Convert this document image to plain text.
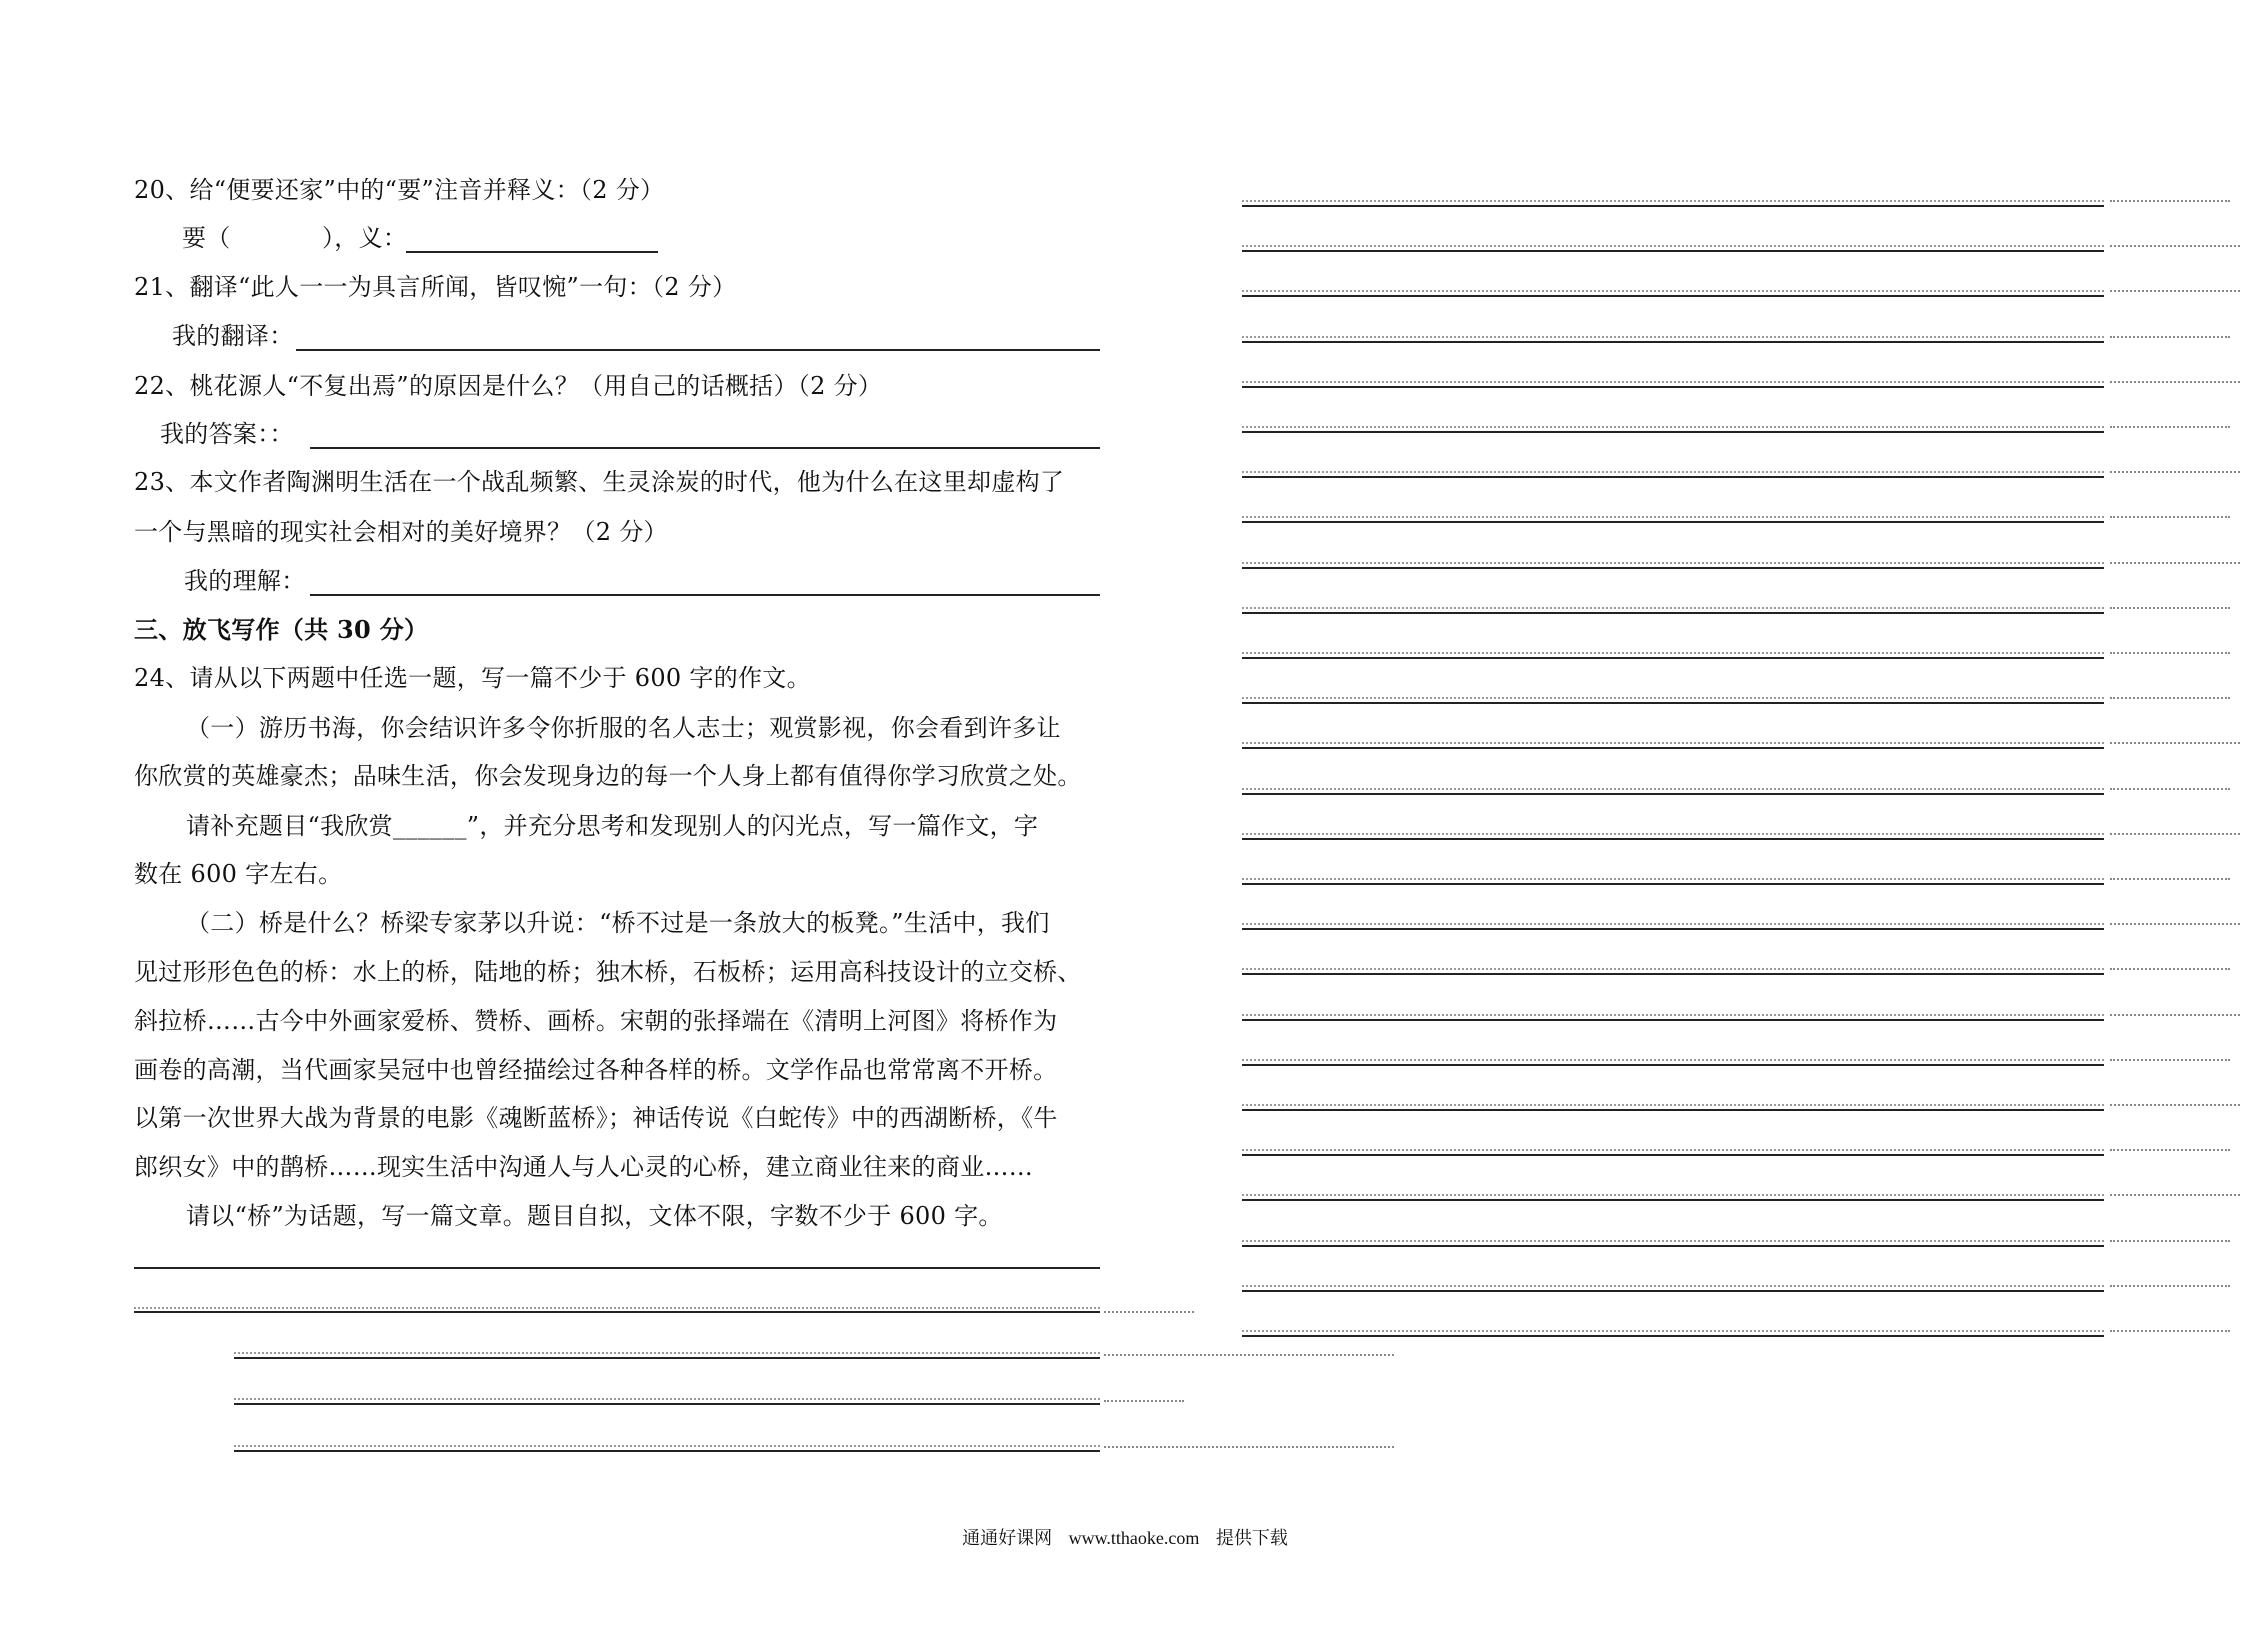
20、给“便要还家”中的“要”注音并释义：（2 分）
要（	），义：
21、翻译“此人一一为具言所闻，皆叹惋”一句：（2 分）
我的翻译：
22、桃花源人“不复出焉”的原因是什么？（用自己的话概括）（2 分）
我的答案：：
23、本文作者陶渊明生活在一个战乱频繁、生灵涂炭的时代，他为什么在这里却虚构了
一个与黑暗的现实社会相对的美好境界？（2 分）
我的理解：
三、放飞写作（共 30 分）
24、请从以下两题中任选一题，写一篇不少于 600 字的作文。
（一）游历书海，你会结识许多令你折服的名人志士；观赏影视，你会看到许多让
你欣赏的英雄豪杰；品味生活，你会发现身边的每一个人身上都有值得你学习欣赏之处。
请补充题目“我欣赏______”，并充分思考和发现别人的闪光点，写一篇作文，字
数在 600 字左右。
（二）桥是什么？桥梁专家茅以升说：“桥不过是一条放大的板凳。”生活中，我们
见过形形色色的桥：水上的桥，陆地的桥；独木桥，石板桥；运用高科技设计的立交桥、
斜拉桥……古今中外画家爱桥、赞桥、画桥。宋朝的张择端在《清明上河图》将桥作为
画卷的高潮，当代画家吴冠中也曾经描绘过各种各样的桥。文学作品也常常离不开桥。
以第一次世界大战为背景的电影《魂断蓝桥》；神话传说《白蛇传》中的西湖断桥，《牛
郎织女》中的鹊桥……现实生活中沟通人与人心灵的心桥，建立商业往来的商业……
请以“桥”为话题，写一篇文章。题目自拟，文体不限，字数不少于 600 字。
通通好课网 www.tthaoke.com 提供下载
